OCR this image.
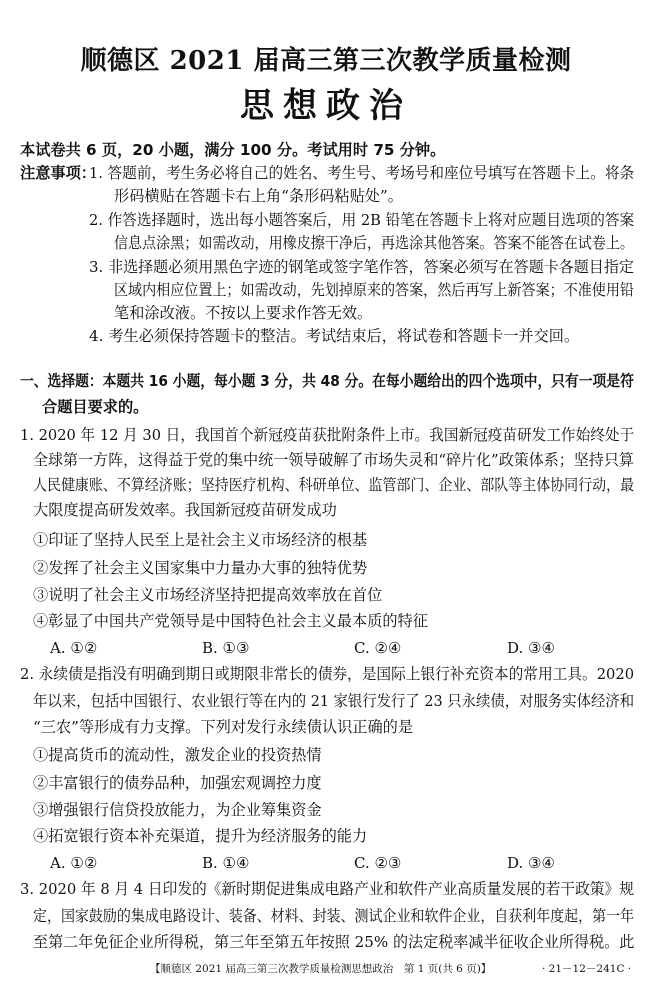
顺德区 2021 届高三第三次教学质量检测
思想政治
本试卷共 6 页，20 小题，满分 100 分。考试用时 75 分钟。
注意事项：
1. 答题前，考生务必将自己的姓名、考生号、考场号和座位号填写在答题卡上。将条
形码横贴在答题卡右上角“条形码粘贴处”。
2. 作答选择题时，选出每小题答案后，用 2B 铅笔在答题卡上将对应题目选项的答案
信息点涂黑；如需改动，用橡皮擦干净后，再选涂其他答案。答案不能答在试卷上。
3. 非选择题必须用黑色字迹的钢笔或签字笔作答，答案必须写在答题卡各题目指定
区域内相应位置上；如需改动，先划掉原来的答案，然后再写上新答案；不准使用铅
笔和涂改液。不按以上要求作答无效。
4. 考生必须保持答题卡的整洁。考试结束后，将试卷和答题卡一并交回。
一、选择题：本题共 16 小题，每小题 3 分，共 48 分。在每小题给出的四个选项中，只有一项是符
合题目要求的。
1. 2020 年 12 月 30 日，我国首个新冠疫苗获批附条件上市。我国新冠疫苗研发工作始终处于
全球第一方阵，这得益于党的集中统一领导破解了市场失灵和“碎片化”政策体系；坚持只算
人民健康账、不算经济账；坚持医疗机构、科研单位、监管部门、企业、部队等主体协同行动，最
大限度提高研发效率。我国新冠疫苗研发成功
①印证了坚持人民至上是社会主义市场经济的根基
②发挥了社会主义国家集中力量办大事的独特优势
③说明了社会主义市场经济坚持把提高效率放在首位
④彰显了中国共产党领导是中国特色社会主义最本质的特征
A. ①②	B. ①③	C. ②④	D. ③④
2. 永续债是指没有明确到期日或期限非常长的债券，是国际上银行补充资本的常用工具。2020
年以来，包括中国银行、农业银行等在内的 21 家银行发行了 23 只永续债，对服务实体经济和
“三农”等形成有力支撑。下列对发行永续债认识正确的是
①提高货币的流动性，激发企业的投资热情
②丰富银行的债券品种，加强宏观调控力度
③增强银行信贷投放能力，为企业筹集资金
④拓宽银行资本补充渠道，提升为经济服务的能力
A. ①②	B. ①④	C. ②③	D. ③④
3. 2020 年 8 月 4 日印发的《新时期促进集成电路产业和软件产业高质量发展的若干政策》规
定，国家鼓励的集成电路设计、装备、材料、封装、测试企业和软件企业，自获利年度起，第一年
至第二年免征企业所得税，第三年至第五年按照 25% 的法定税率减半征收企业所得税。此
【顺德区 2021 届高三第三次教学质量检测思想政治　第 1 页(共 6 页)】	· 21－12－241C ·
